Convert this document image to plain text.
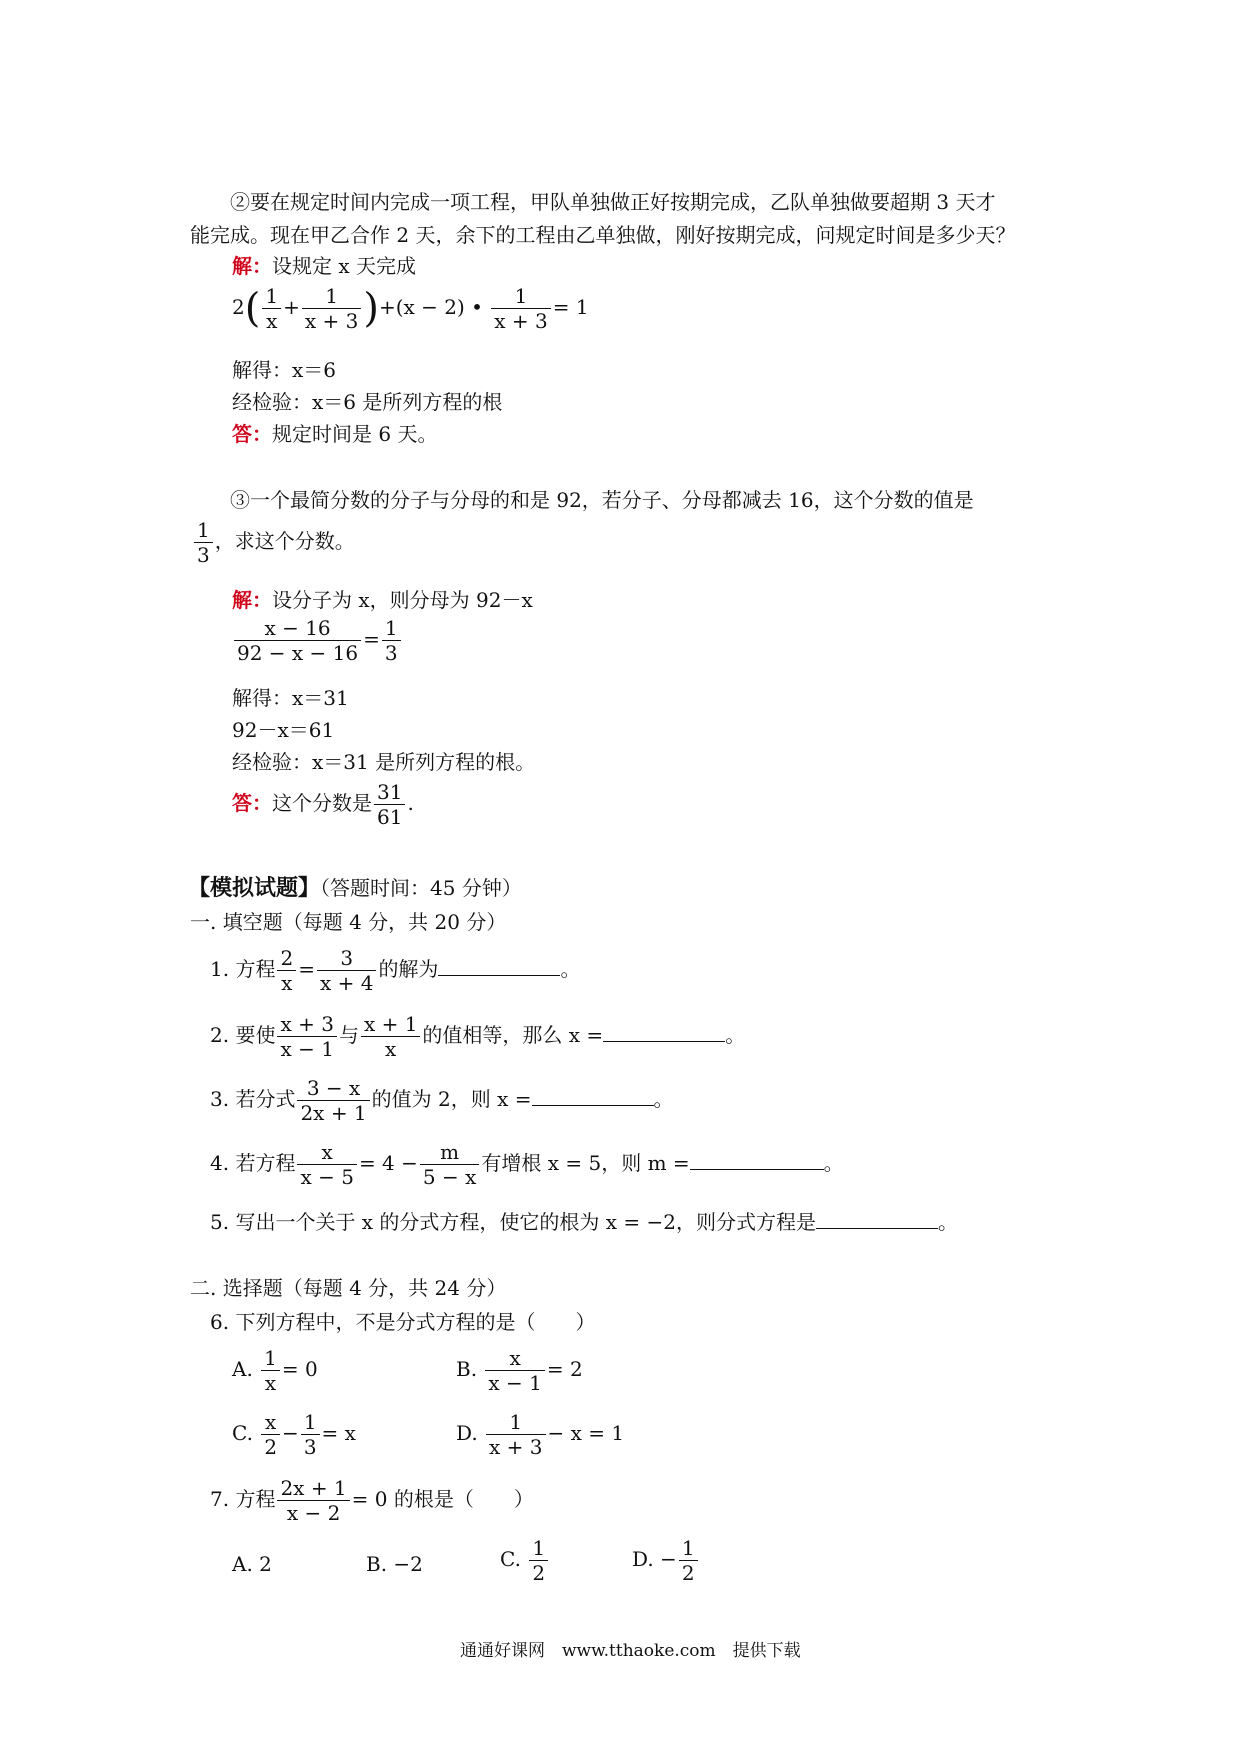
②要在规定时间内完成一项工程，甲队单独做正好按期完成，乙队单独做要超期 3 天才
能完成。现在甲乙合作 2 天，余下的工程由乙单独做，刚好按期完成，问规定时间是多少天？
解：设规定 x 天完成
$2( \frac{1}{x} + \frac{1}{x + 3} )+(x - 2)$ • $\frac{1}{x + 3} = 1$
解得：x＝6
经检验：x＝6 是所列方程的根
答：规定时间是 6 天。
③一个最简分数的分子与分母的和是 92，若分子、分母都减去 16，这个分数的值是
$\frac{1}{3}$ ，求这个分数。
解：设分子为 x，则分母为 92－x
$\frac{x - 16}{92 - x - 16} = \frac{1}{3}$
解得：x＝31
92－x＝61
经检验：x＝31 是所列方程的根。
答：这个分数是 $\frac{31}{61}$ .
【模拟试题】（答题时间：45 分钟）
一. 填空题（每题 4 分，共 20 分）
1. 方程 $\frac{2}{x} = \frac{3}{x + 4}$ 的解为	。
2. 要使 $\frac{x + 3}{x - 1}$ 与 $\frac{x + 1}{x}$ 的值相等，那么 x =	。
3. 若分式 $\frac{3 - x}{2x + 1}$ 的值为 2，则 x =	。
4. 若方程 $\frac{x}{x - 5} = 4 - \frac{m}{5 - x}$ 有增根 x = 5，则 m =	。
5. 写出一个关于 x 的分式方程，使它的根为 x = −2，则分式方程是	。
二. 选择题（每题 4 分，共 24 分）
6. 下列方程中，不是分式方程的是（　　）
A. $\frac{1}{x} = 0$	B. $\frac{x}{x - 1} = 2$
C. $\frac{x}{2} - \frac{1}{3} = x$	D. $\frac{1}{x + 3} - x = 1$
7. 方程 $\frac{2x + 1}{x - 2} = 0$ 的根是（　　）
A. 2	B. −2	C. $\frac{1}{2}$	D. − $\frac{1}{2}$
通通好课网　www.tthaoke.com　提供下载
